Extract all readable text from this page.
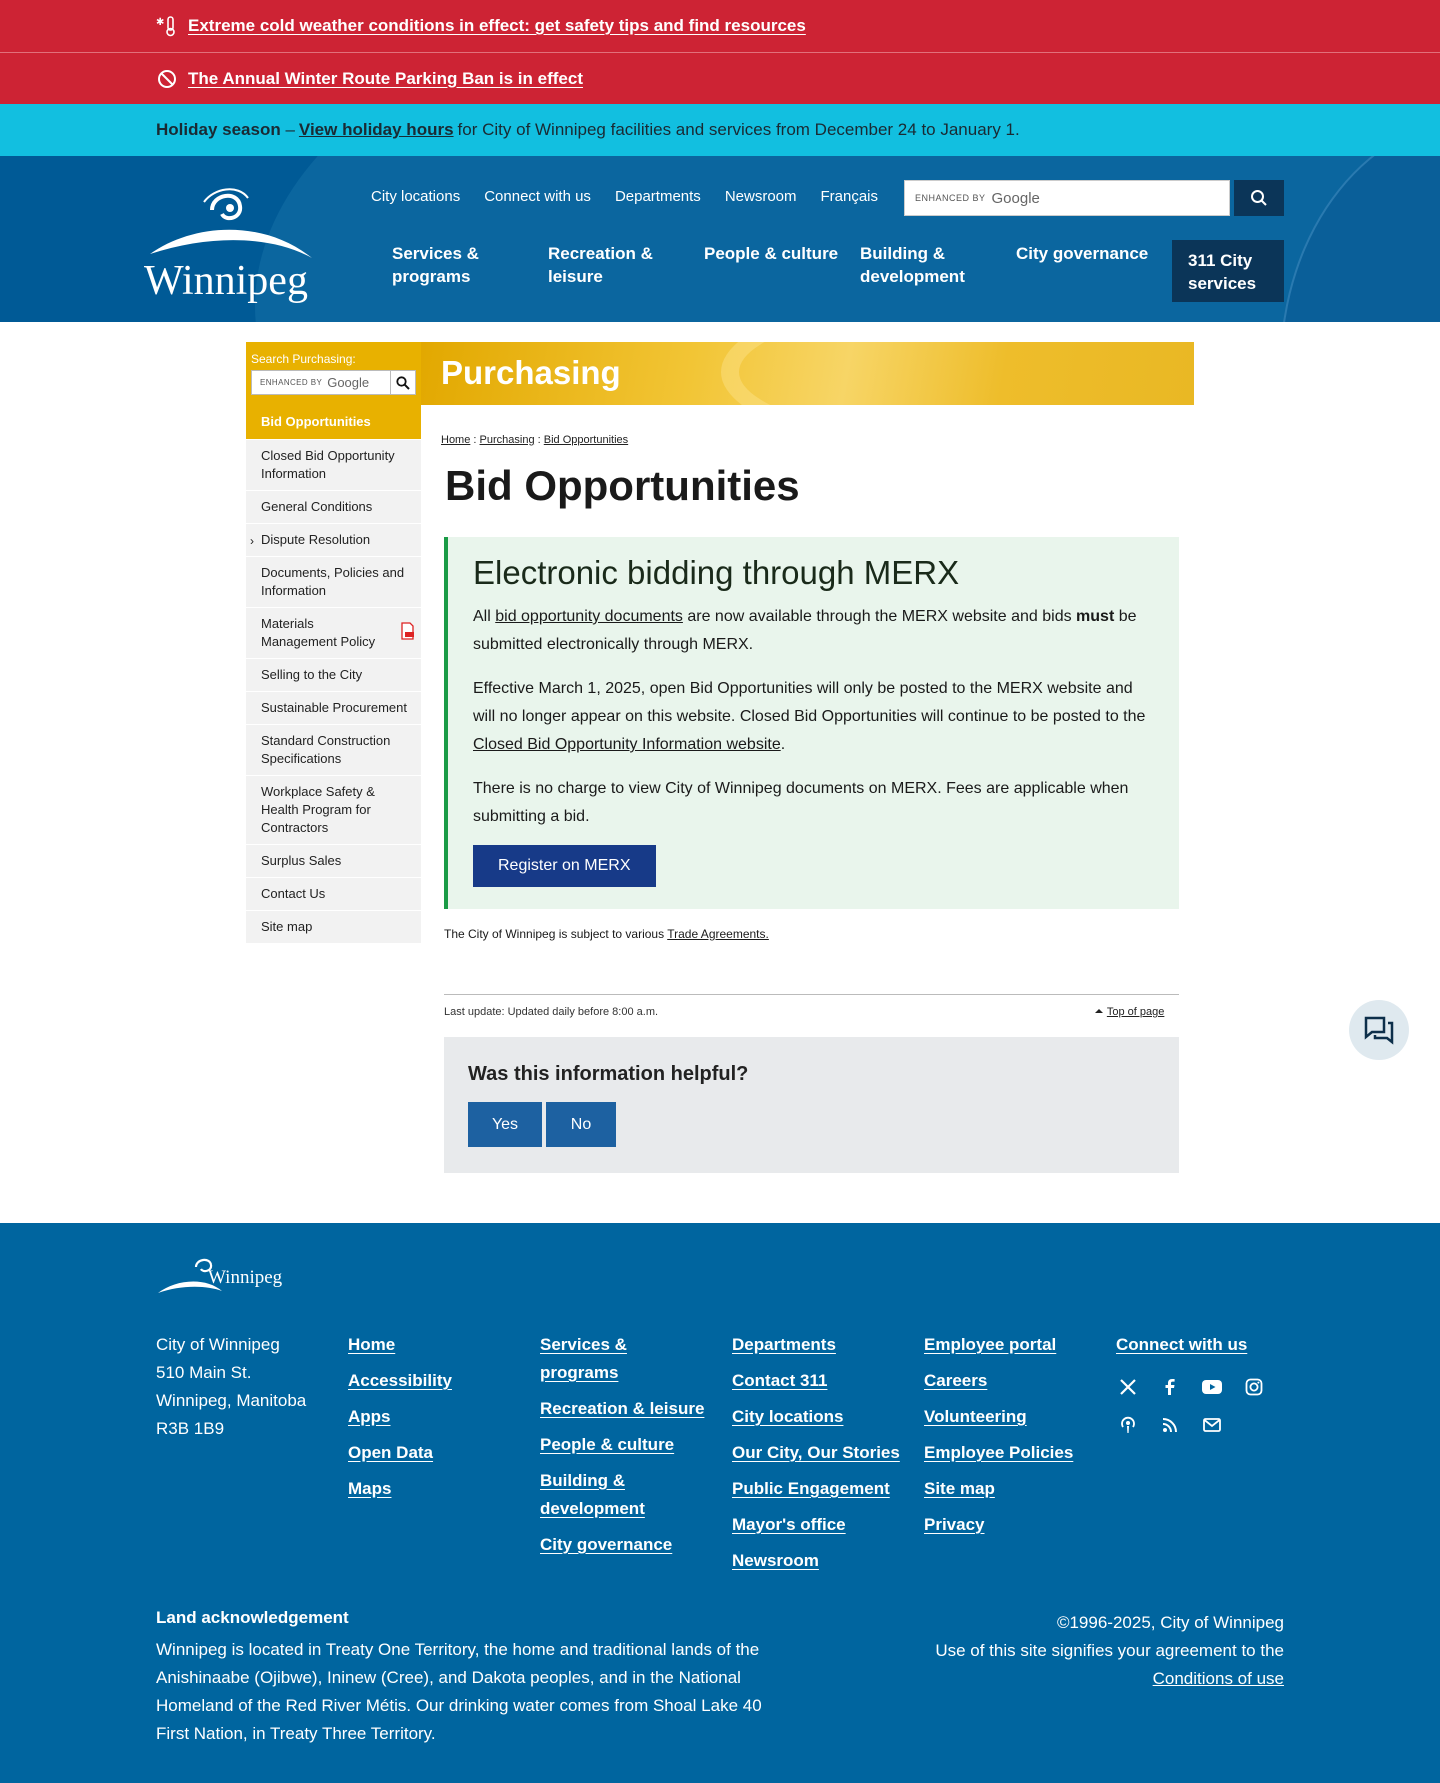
✱ Extreme cold weather conditions in effect: get safety tips and find resources
The Annual Winter Route Parking Ban is in effect
Holiday season
– View holiday hours for City of Winnipeg facilities and services from December 24 to January 1.
Winnipeg
City locations Connect with us Departments Newsroom Français	ENHANCED BY Google
Services & programs
Recreation & leisure
People & culture	Building & development
City governance	311 City services
Search Purchasing:
ENHANCED BY Google
Bid Opportunities
Closed Bid Opportunity Information
General Conditions
› Dispute Resolution
Documents, Policies and Information
Materials Management Policy
Selling to the City
Sustainable Procurement
Standard Construction Specifications
Workplace Safety & Health Program for Contractors
Surplus Sales
Contact Us
Site map
Purchasing
Home : Purchasing : Bid Opportunities
Bid Opportunities
Electronic bidding through MERX

All bid opportunity documents are now available through the MERX website and bids must be submitted electronically through MERX.

Effective March 1, 2025, open Bid Opportunities will only be posted to the MERX website and will no longer appear on this website. Closed Bid Opportunities will continue to be posted to the Closed Bid Opportunity Information website.

There is no charge to view City of Winnipeg documents on MERX. Fees are applicable when submitting a bid.

Register on MERX
The City of Winnipeg is subject to various Trade Agreements.
Last update: Updated daily before 8:00 a.m.	Top of page
Was this information helpful?
Yes	No
Winnipeg
City of Winnipeg
510 Main St.
Winnipeg, Manitoba
R3B 1B9
Home
Accessibility
Apps
Open Data
Maps
Services & programs
Recreation & leisure
People & culture
Building & development
City governance
Departments
Contact 311
City locations
Our City, Our Stories
Public Engagement
Mayor's office
Newsroom
Employee portal
Careers
Volunteering
Employee Policies
Site map
Privacy
Connect with us
Land acknowledgement

Winnipeg is located in Treaty One Territory, the home and traditional lands of the Anishinaabe (Ojibwe), Ininew (Cree), and Dakota peoples, and in the National Homeland of the Red River Métis. Our drinking water comes from Shoal Lake 40 First Nation, in Treaty Three Territory.

©1996-2025, City of Winnipeg
Use of this site signifies your agreement to the
Conditions of use
